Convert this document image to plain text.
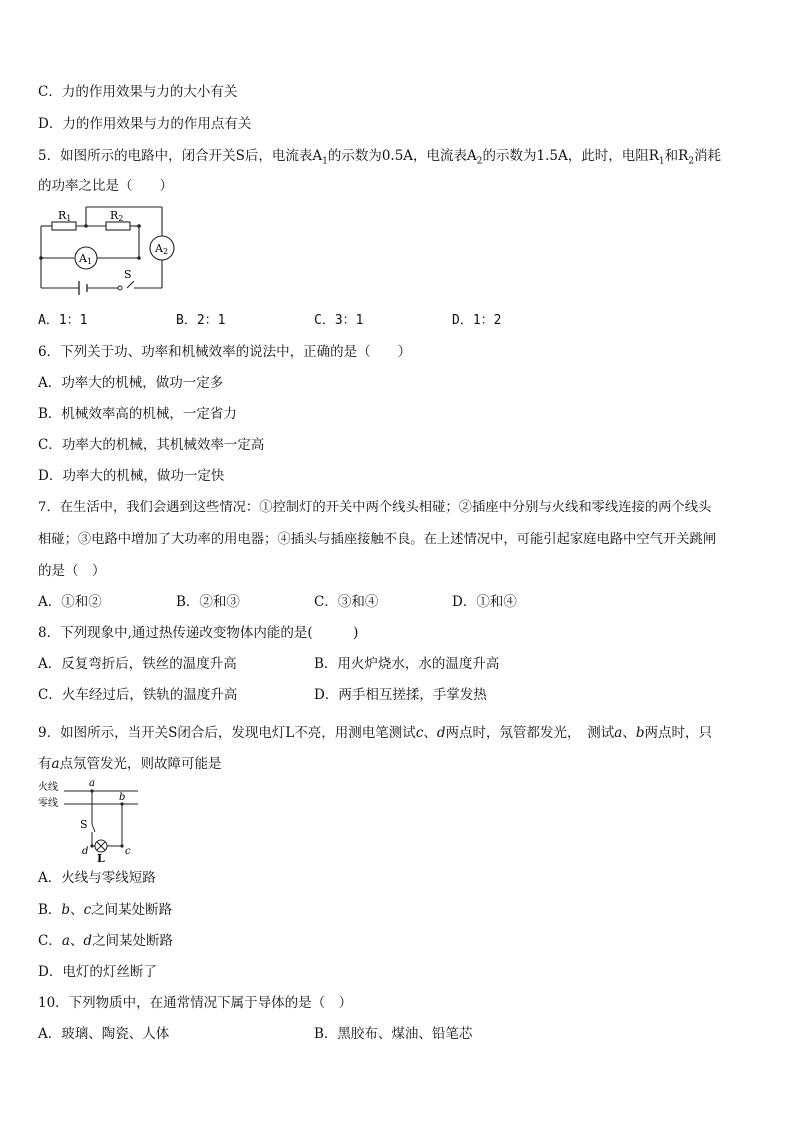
C．力的作用效果与力的大小有关
D．力的作用效果与力的作用点有关
5．如图所示的电路中，闭合开关S后，电流表$A_1$的示数为0.5A，电流表$A_2$的示数为1.5A，此时，电阻$R_1$和$R_2$消耗
的功率之比是（　　）
R1	R2
A1
A2
S
A．1：1	B．2：1	C．3：1	D．1：2
6．下列关于功、功率和机械效率的说法中，正确的是（　　）
A．功率大的机械，做功一定多
B．机械效率高的机械，一定省力
C．功率大的机械，其机械效率一定高
D．功率大的机械，做功一定快
7．在生活中，我们会遇到这些情况：①控制灯的开关中两个线头相碰；②插座中分别与火线和零线连接的两个线头
相碰；③电路中增加了大功率的用电器；④插头与插座接触不良。在上述情况中，可能引起家庭电路中空气开关跳闸
的是（　）
A．①和②	B．②和③	C．③和④	D．①和④
8．下列现象中,通过热传递改变物体内能的是(　　　)
A．反复弯折后，铁丝的温度升高	B．用火炉烧水，水的温度升高
C．火车经过后，铁轨的温度升高	D．两手相互搓揉，手掌发热
9．如图所示，当开关S闭合后，发现电灯L不亮，用测电笔测试c、d两点时，氖管都发光，　测试a、b两点时，只
有a点氖管发光，则故障可能是
火线
零线
a
b
c
d
S
L
A．火线与零线短路
B．b、c之间某处断路
C．a、d之间某处断路
D．电灯的灯丝断了
10．下列物质中，在通常情况下属于导体的是（　）
A．玻璃、陶瓷、人体	B．黑胶布、煤油、铅笔芯
